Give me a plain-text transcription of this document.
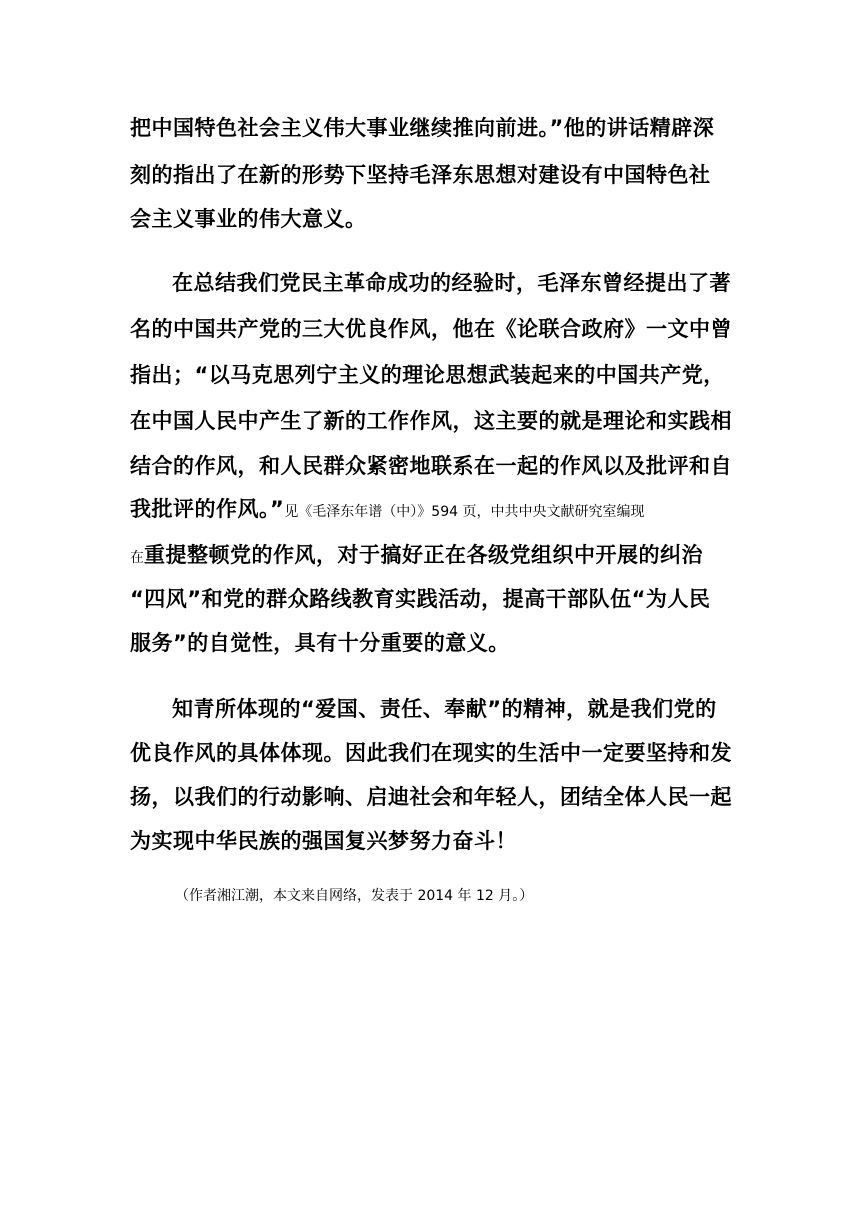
把中国特色社会主义伟大事业继续推向前进。”他的讲话精辟深
刻的指出了在新的形势下坚持毛泽东思想对建设有中国特色社
会主义事业的伟大意义。
在总结我们党民主革命成功的经验时，毛泽东曾经提出了著
名的中国共产党的三大优良作风，他在《论联合政府》一文中曾
指出；“以马克思列宁主义的理论思想武装起来的中国共产党，
在中国人民中产生了新的工作作风，这主要的就是理论和实践相
结合的作风，和人民群众紧密地联系在一起的作风以及批评和自
我批评的作风。”见《毛泽东年谱（中）》594 页，中共中央文献研究室编现
在重提整顿党的作风，对于搞好正在各级党组织中开展的纠治
“四风”和党的群众路线教育实践活动，提高干部队伍“为人民
服务”的自觉性，具有十分重要的意义。
知青所体现的“爱国、责任、奉献”的精神，就是我们党的
优良作风的具体体现。因此我们在现实的生活中一定要坚持和发
扬，以我们的行动影响、启迪社会和年轻人，团结全体人民一起
为实现中华民族的强国复兴梦努力奋斗！
（作者湘江潮，本文来自网络，发表于 2014 年 12 月。）
